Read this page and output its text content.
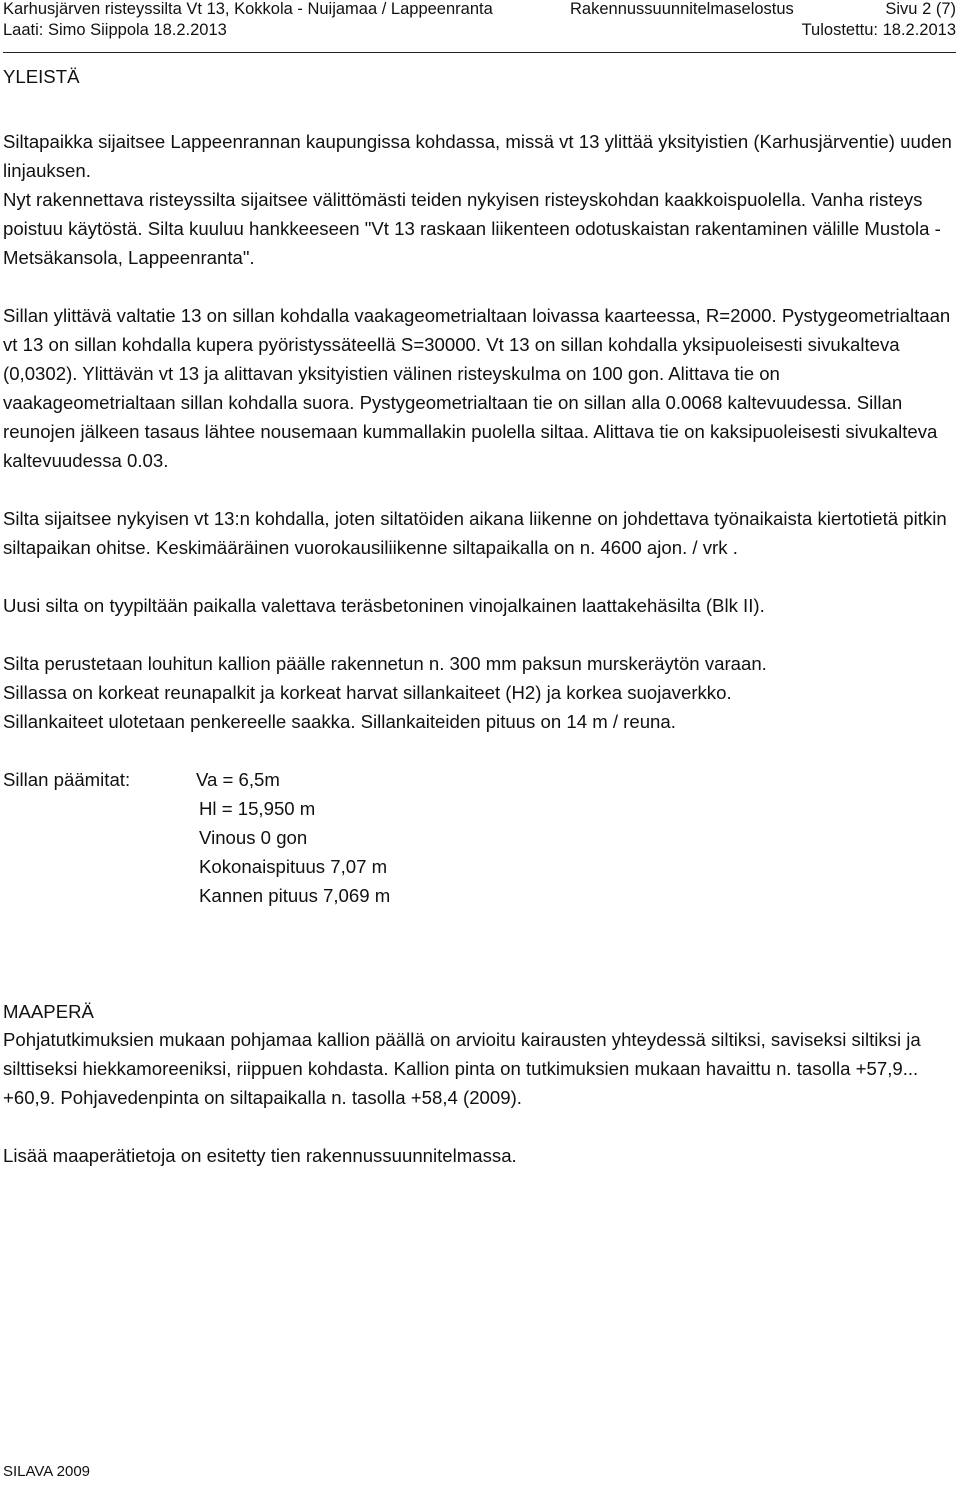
Karhusjärven risteyssilta Vt 13, Kokkola - Nuijamaa / Lappeenranta	Rakennussuunnitelmaselostus	Sivu 2 (7)
Laati: Simo Siippola 18.2.2013	Tulostettu: 18.2.2013

YLEISTÄ

Siltapaikka sijaitsee Lappeenrannan kaupungissa kohdassa, missä vt 13 ylittää yksityistien (Karhusjärventie) uuden linjauksen.

Nyt rakennettava risteyssilta sijaitsee välittömästi teiden nykyisen risteyskohdan kaakkoispuolella. Vanha risteys poistuu käytöstä. Silta kuuluu hankkeeseen "Vt 13 raskaan liikenteen odotuskaistan rakentaminen välille Mustola - Metsäkansola, Lappeenranta".

Sillan ylittävä valtatie 13 on sillan kohdalla vaakageometrialtaan loivassa kaarteessa, R=2000. Pystygeometrialtaan vt 13 on sillan kohdalla kupera pyöristyssäteellä S=30000. Vt 13 on sillan kohdalla yksipuoleisesti sivukalteva (0,0302). Ylittävän vt 13 ja alittavan yksityistien välinen risteyskulma on 100 gon. Alittava tie on vaakageometrialtaan sillan kohdalla suora. Pystygeometrialtaan tie on sillan alla 0.0068 kaltevuudessa. Sillan reunojen jälkeen tasaus lähtee nousemaan kummallakin puolella siltaa. Alittava tie on kaksipuoleisesti sivukalteva kaltevuudessa 0.03.

Silta sijaitsee nykyisen vt 13:n kohdalla, joten siltatöiden aikana liikenne on johdettava työnaikaista kiertotietä pitkin siltapaikan ohitse. Keskimääräinen vuorokausiliikenne siltapaikalla on n. 4600 ajon. / vrk .

Uusi silta on tyypiltään paikalla valettava teräsbetoninen vinojalkainen laattakehäsilta (Blk II).

Silta perustetaan louhitun kallion päälle rakennetun n. 300 mm paksun murskeräytön varaan.

Sillassa on korkeat reunapalkit ja korkeat harvat sillankaiteet (H2) ja korkea suojaverkko.

Sillankaiteet ulotetaan penkereelle saakka. Sillankaiteiden pituus on 14 m / reuna.

Sillan päämitat:	Va = 6,5m
Hl = 15,950 m
Vinous 0 gon
Kokonaispituus 7,07 m
Kannen pituus 7,069 m

MAAPERÄ

Pohjatutkimuksien mukaan pohjamaa kallion päällä on arvioitu kairausten yhteydessä siltiksi, saviseksi siltiksi ja silttiseksi hiekkamoreeniksi, riippuen kohdasta. Kallion pinta on tutkimuksien mukaan havaittu n. tasolla +57,9... +60,9. Pohjavedenpinta on siltapaikalla n. tasolla +58,4 (2009).

Lisää maaperätietoja on esitetty tien rakennussuunnitelmassa.

SILAVA 2009
